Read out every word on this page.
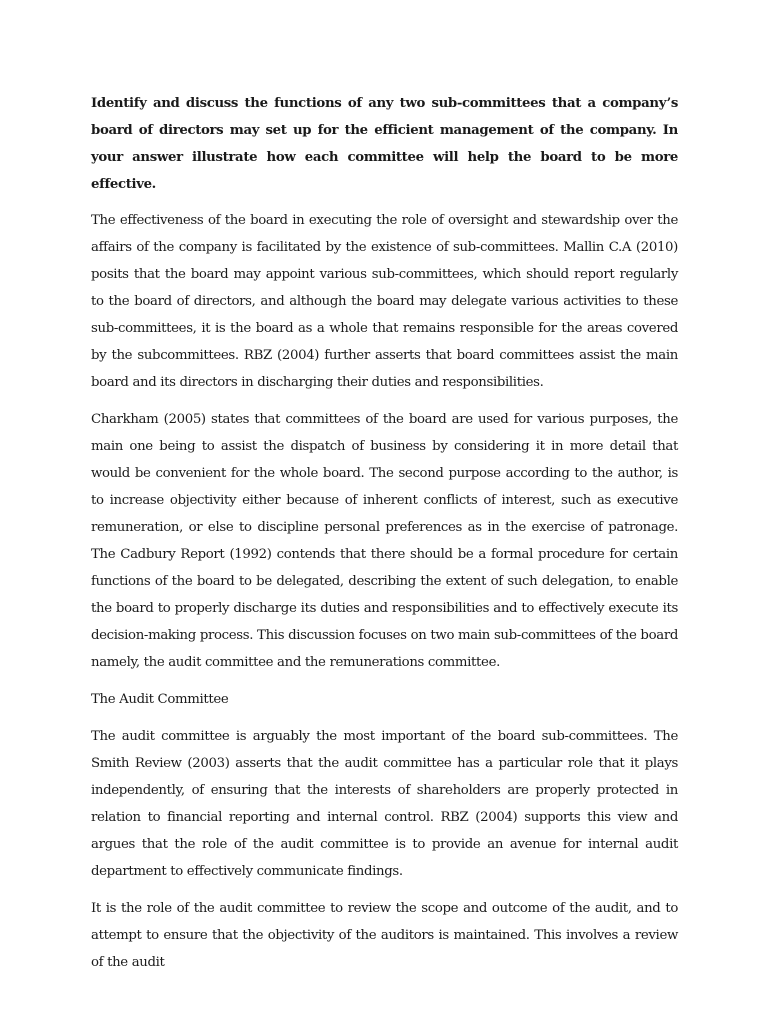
Identify and discuss the functions of any two sub-committees that a company’s board of directors may set up for the efficient management of the company. In your answer illustrate how each committee will help the board to be more effective.

The effectiveness of the board in executing the role of oversight and stewardship over the affairs of the company is facilitated by the existence of sub-committees. Mallin C.A (2010) posits that the board may appoint various sub-committees, which should report regularly to the board of directors, and although the board may delegate various activities to these sub-committees, it is the board as a whole that remains responsible for the areas covered by the subcommittees. RBZ (2004) further asserts that board committees assist the main board and its directors in discharging their duties and responsibilities.

Charkham (2005) states that committees of the board are used for various purposes, the main one being to assist the dispatch of business by considering it in more detail that would be convenient for the whole board. The second purpose according to the author, is to increase objectivity either because of inherent conflicts of interest, such as executive remuneration, or else to discipline personal preferences as in the exercise of patronage. The Cadbury Report (1992) contends that there should be a formal procedure for certain functions of the board to be delegated, describing the extent of such delegation, to enable the board to properly discharge its duties and responsibilities and to effectively execute its decision-making process. This discussion focuses on two main sub-committees of the board namely, the audit committee and the remunerations committee.

The Audit Committee

The audit committee is arguably the most important of the board sub-committees. The Smith Review (2003) asserts that the audit committee has a particular role that it plays independently, of ensuring that the interests of shareholders are properly protected in relation to financial reporting and internal control. RBZ (2004) supports this view and argues that the role of the audit committee is to provide an avenue for internal audit department to effectively communicate findings.

It is the role of the audit committee to review the scope and outcome of the audit, and to attempt to ensure that the objectivity of the auditors is maintained. This involves a review of the audit
